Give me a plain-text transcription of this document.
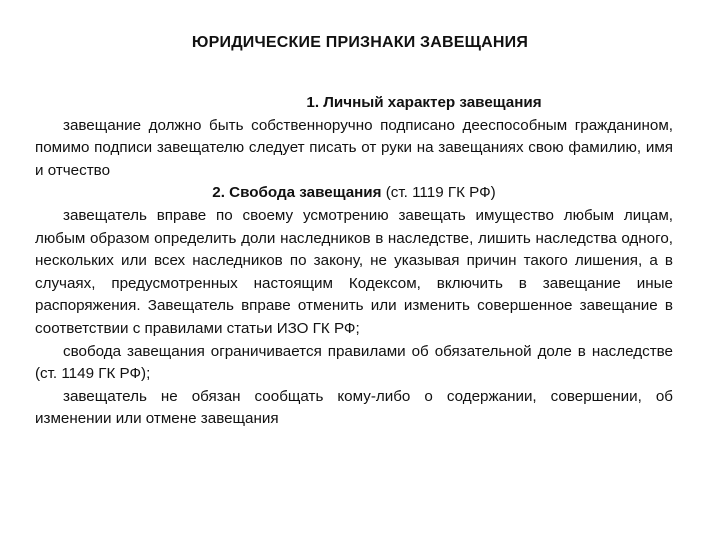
ЮРИДИЧЕСКИЕ ПРИЗНАКИ ЗАВЕЩАНИЯ

1. Личный характер завещания

завещание должно быть собственноручно подписано дееспособным гражданином, помимо подписи завещателю следует писать от руки на завещаниях свою фамилию, имя и отчество

2. Свобода завещания (ст. 1119 ГК РФ)

завещатель вправе по своему усмотрению завещать имущество любым лицам, любым образом определить доли наследников в наследстве, лишить наследства одного, нескольких или всех наследников по закону, не указывая причин такого лишения, а в случаях, предусмотренных настоящим Кодексом, включить в завещание иные распоряжения. Завещатель вправе отменить или изменить совершенное завещание в соответствии с правилами статьи ИЗО ГК РФ;

свобода завещания ограничивается правилами об обязательной доле в наследстве (ст. 1149 ГК РФ);

завещатель не обязан сообщать кому-либо о содержании, совершении, об изменении или отмене завещания
